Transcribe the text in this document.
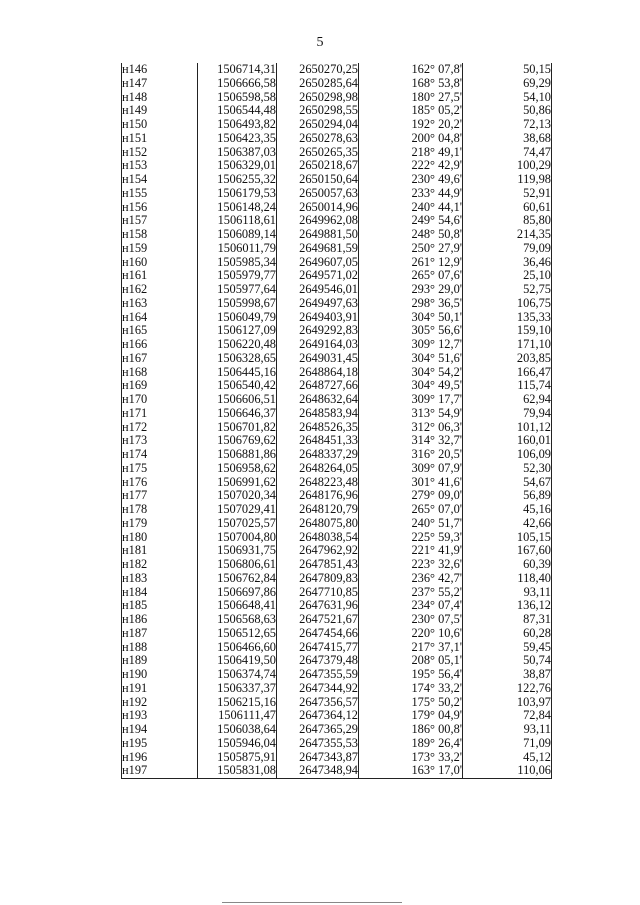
5
н146	1506714,31	2650270,25	162° 07,8'	50,15
н147	1506666,58	2650285,64	168° 53,8'	69,29
н148	1506598,58	2650298,98	180° 27,5'	54,10
н149	1506544,48	2650298,55	185° 05,2'	50,86
н150	1506493,82	2650294,04	192° 20,2'	72,13
н151	1506423,35	2650278,63	200° 04,8'	38,68
н152	1506387,03	2650265,35	218° 49,1'	74,47
н153	1506329,01	2650218,67	222° 42,9'	100,29
н154	1506255,32	2650150,64	230° 49,6'	119,98
н155	1506179,53	2650057,63	233° 44,9'	52,91
н156	1506148,24	2650014,96	240° 44,1'	60,61
н157	1506118,61	2649962,08	249° 54,6'	85,80
н158	1506089,14	2649881,50	248° 50,8'	214,35
н159	1506011,79	2649681,59	250° 27,9'	79,09
н160	1505985,34	2649607,05	261° 12,9'	36,46
н161	1505979,77	2649571,02	265° 07,6'	25,10
н162	1505977,64	2649546,01	293° 29,0'	52,75
н163	1505998,67	2649497,63	298° 36,5'	106,75
н164	1506049,79	2649403,91	304° 50,1'	135,33
н165	1506127,09	2649292,83	305° 56,6'	159,10
н166	1506220,48	2649164,03	309° 12,7'	171,10
н167	1506328,65	2649031,45	304° 51,6'	203,85
н168	1506445,16	2648864,18	304° 54,2'	166,47
н169	1506540,42	2648727,66	304° 49,5'	115,74
н170	1506606,51	2648632,64	309° 17,7'	62,94
н171	1506646,37	2648583,94	313° 54,9'	79,94
н172	1506701,82	2648526,35	312° 06,3'	101,12
н173	1506769,62	2648451,33	314° 32,7'	160,01
н174	1506881,86	2648337,29	316° 20,5'	106,09
н175	1506958,62	2648264,05	309° 07,9'	52,30
н176	1506991,62	2648223,48	301° 41,6'	54,67
н177	1507020,34	2648176,96	279° 09,0'	56,89
н178	1507029,41	2648120,79	265° 07,0'	45,16
н179	1507025,57	2648075,80	240° 51,7'	42,66
н180	1507004,80	2648038,54	225° 59,3'	105,15
н181	1506931,75	2647962,92	221° 41,9'	167,60
н182	1506806,61	2647851,43	223° 32,6'	60,39
н183	1506762,84	2647809,83	236° 42,7'	118,40
н184	1506697,86	2647710,85	237° 55,2'	93,11
н185	1506648,41	2647631,96	234° 07,4'	136,12
н186	1506568,63	2647521,67	230° 07,5'	87,31
н187	1506512,65	2647454,66	220° 10,6'	60,28
н188	1506466,60	2647415,77	217° 37,1'	59,45
н189	1506419,50	2647379,48	208° 05,1'	50,74
н190	1506374,74	2647355,59	195° 56,4'	38,87
н191	1506337,37	2647344,92	174° 33,2'	122,76
н192	1506215,16	2647356,57	175° 50,2'	103,97
н193	1506111,47	2647364,12	179° 04,9'	72,84
н194	1506038,64	2647365,29	186° 00,8'	93,11
н195	1505946,04	2647355,53	189° 26,4'	71,09
н196	1505875,91	2647343,87	173° 33,2'	45,12
н197	1505831,08	2647348,94	163° 17,0'	110,06
